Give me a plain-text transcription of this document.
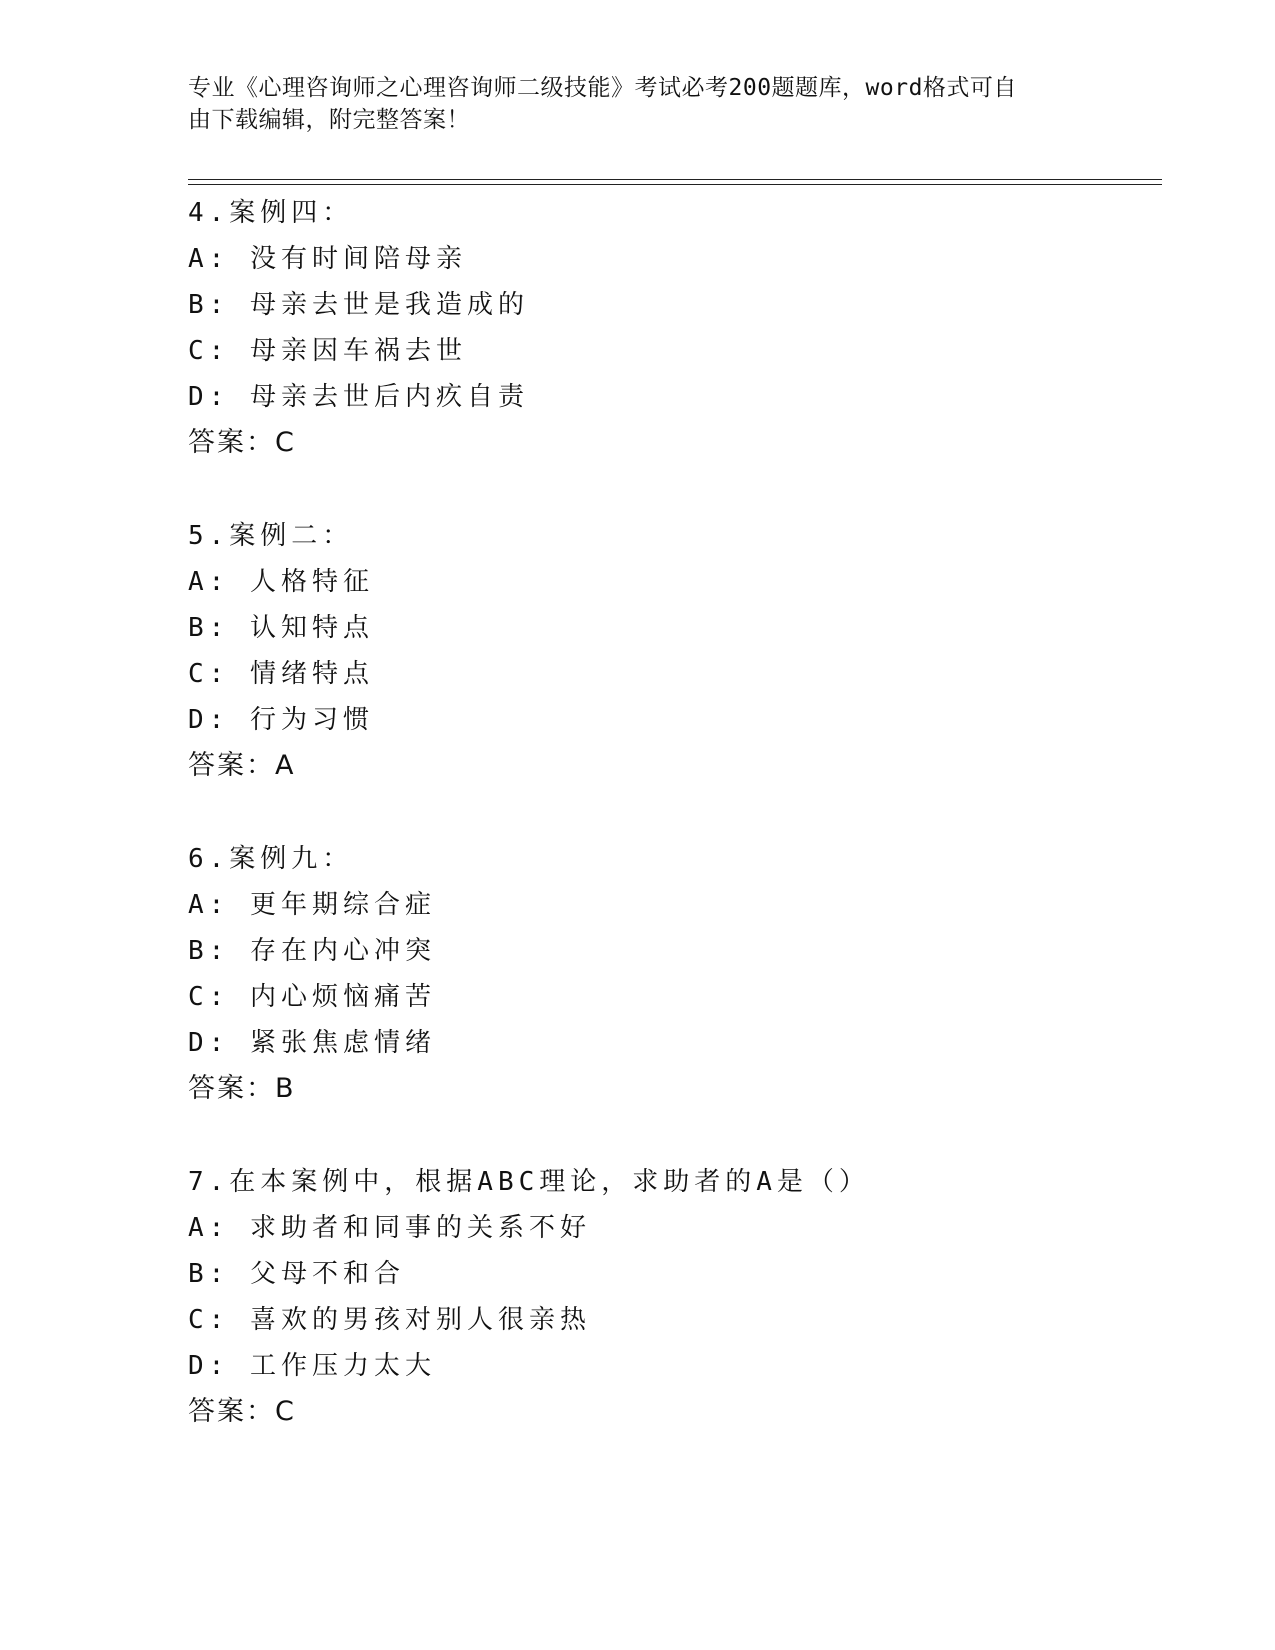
专业《心理咨询师之心理咨询师二级技能》考试必考200题题库，word格式可自
由下载编辑，附完整答案！
4.案例四：
A: 没有时间陪母亲
B: 母亲去世是我造成的
C: 母亲因车祸去世
D: 母亲去世后内疚自责
答案：C
5.案例二：
A: 人格特征
B: 认知特点
C: 情绪特点
D: 行为习惯
答案：A
6.案例九：
A: 更年期综合症
B: 存在内心冲突
C: 内心烦恼痛苦
D: 紧张焦虑情绪
答案：B
7.在本案例中，根据ABC理论，求助者的A是（）
A: 求助者和同事的关系不好
B: 父母不和合
C: 喜欢的男孩对别人很亲热
D: 工作压力太大
答案：C
